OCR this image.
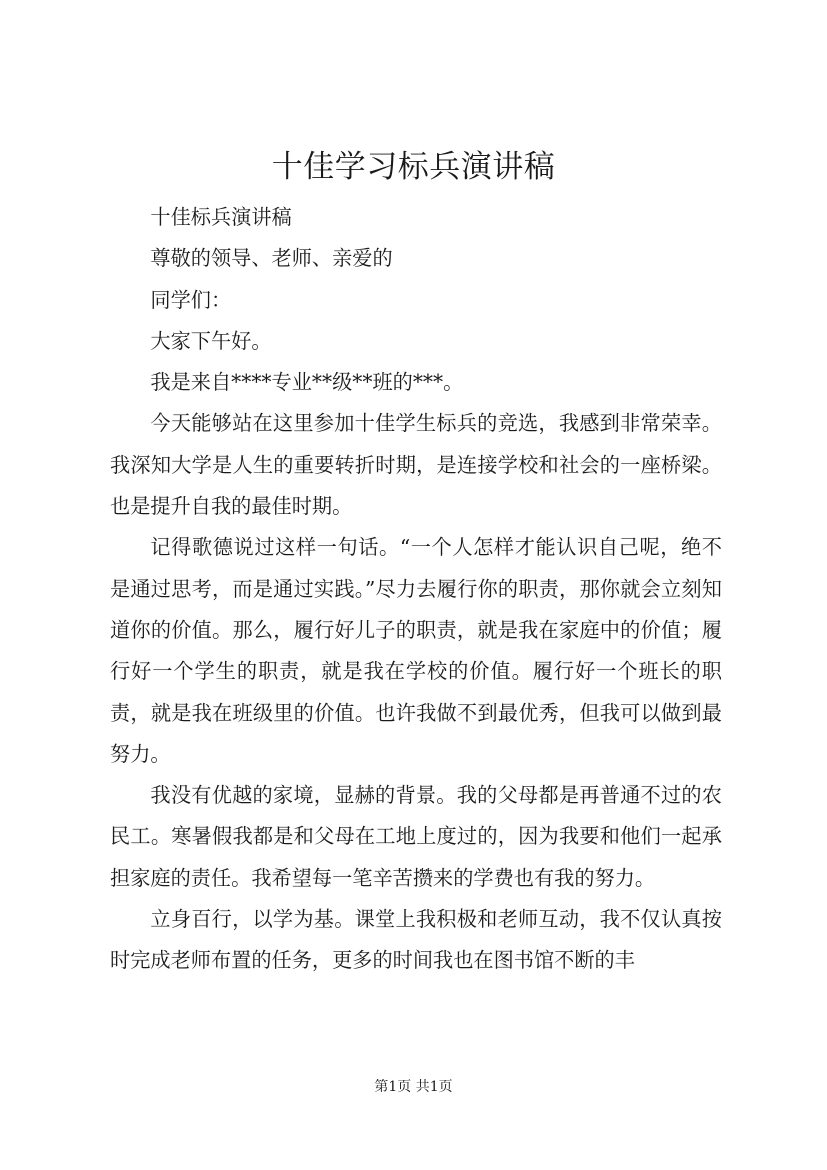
十佳学习标兵演讲稿

十佳标兵演讲稿

尊敬的领导、老师、亲爱的

同学们：

大家下午好。

我是来自****专业**级**班的***。

今天能够站在这里参加十佳学生标兵的竞选，我感到非常荣幸。我深知大学是人生的重要转折时期，是连接学校和社会的一座桥梁。也是提升自我的最佳时期。

记得歌德说过这样一句话。“一个人怎样才能认识自己呢，绝不是通过思考，而是通过实践。”尽力去履行你的职责，那你就会立刻知道你的价值。那么，履行好儿子的职责，就是我在家庭中的价值；履行好一个学生的职责，就是我在学校的价值。履行好一个班长的职责，就是我在班级里的价值。也许我做不到最优秀，但我可以做到最努力。

我没有优越的家境，显赫的背景。我的父母都是再普通不过的农民工。寒暑假我都是和父母在工地上度过的，因为我要和他们一起承担家庭的责任。我希望每一笔辛苦攒来的学费也有我的努力。

立身百行，以学为基。课堂上我积极和老师互动，我不仅认真按时完成老师布置的任务，更多的时间我也在图书馆不断的丰

第1页 共1页
